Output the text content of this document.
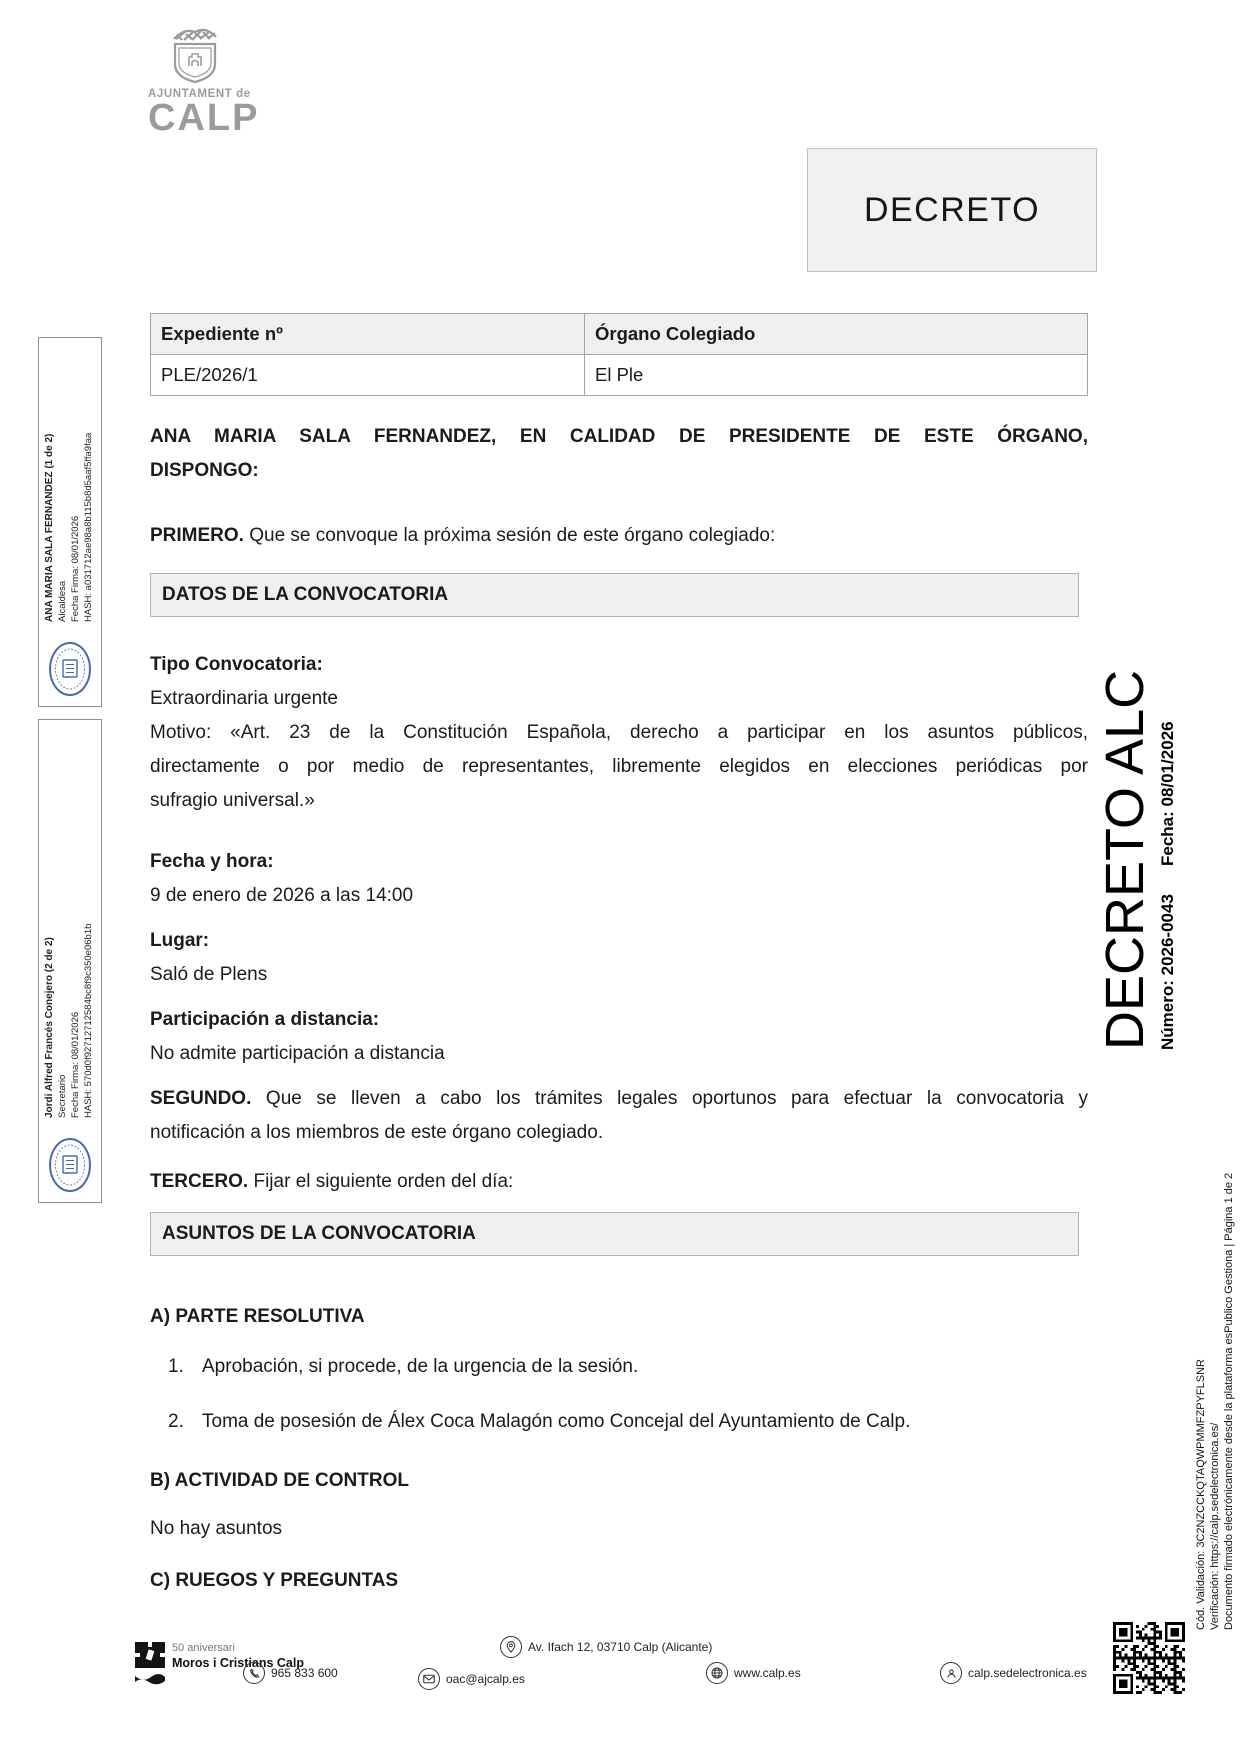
AJUNTAMENT de
CALP
DECRETO
Expediente nº	Órgano Colegiado
PLE/2026/1	El Ple
ANA MARIA SALA FERNANDEZ, EN CALIDAD DE PRESIDENTE DE ESTE ÓRGANO,
DISPONGO:
PRIMERO. Que se convoque la próxima sesión de este órgano colegiado:
DATOS DE LA CONVOCATORIA
Tipo Convocatoria:
Extraordinaria urgente
Motivo: «Art. 23 de la Constitución Española, derecho a participar en los asuntos públicos,
directamente o por medio de representantes, libremente elegidos en elecciones periódicas por
sufragio universal.»
Fecha y hora:
9 de enero de 2026 a las 14:00
Lugar:
Saló de Plens
Participación a distancia:
No admite participación a distancia
SEGUNDO. Que se lleven a cabo los trámites legales oportunos para efectuar la convocatoria y
notificación a los miembros de este órgano colegiado.
TERCERO. Fijar el siguiente orden del día:
ASUNTOS DE LA CONVOCATORIA
A) PARTE RESOLUTIVA
1. Aprobación, si procede, de la urgencia de la sesión.
2. Toma de posesión de Álex Coca Malagón como Concejal del Ayuntamiento de Calp.
B) ACTIVIDAD DE CONTROL
No hay asuntos
C) RUEGOS Y PREGUNTAS
ANA MARIA SALA FERNANDEZ (1 de 2) Alcaldesa Fecha Firma: 08/01/2026 HASH: a031712ae98a8b115b8d5aaf5ffa9faa
Jordi Alfred Francés Conejero (2 de 2) Secretario Fecha Firma: 08/01/2026 HASH: 570d0f92712712584bc8f9c350e06b1b	DECRETO ALC Número: 2026-0043Fecha: 08/01/2026
Cód. Validación: 3C2NZCCKQTAQWPMMFZPYFLSNR Verificación: https://calp.sedelectronica.es/ Documento firmado electrónicamente desde la plataforma esPublico Gestiona | Página 1 de 2
50 aniversari
Moros i Cristians Calp
965 833 600	oac@ajcalp.es
Av. Ifach 12, 03710 Calp (Alicante)
www.calp.es	calp.sedelectronica.es
